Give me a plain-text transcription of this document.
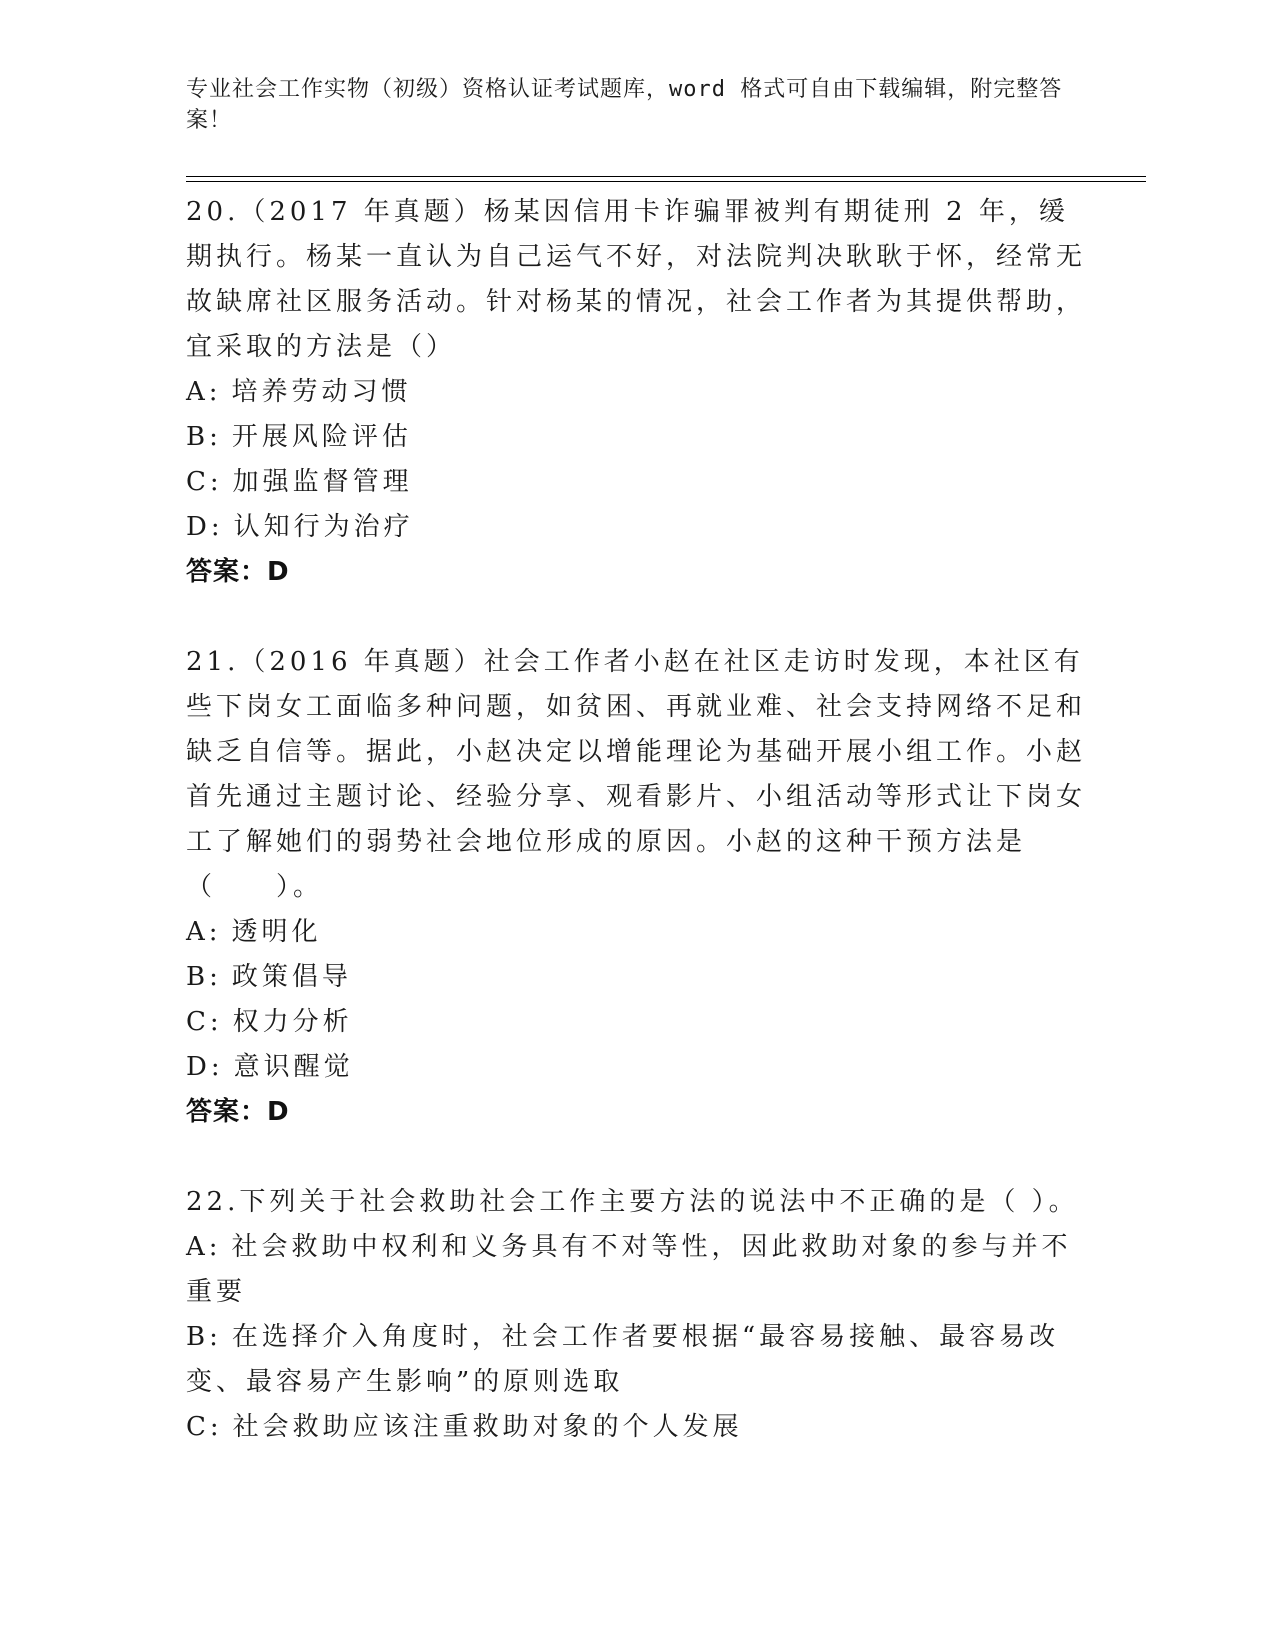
专业社会工作实物（初级）资格认证考试题库，word 格式可自由下载编辑，附完整答案！
20.（2017 年真题）杨某因信用卡诈骗罪被判有期徒刑 2 年，缓期执行。杨某一直认为自己运气不好，对法院判决耿耿于怀，经常无故缺席社区服务活动。针对杨某的情况，社会工作者为其提供帮助，宜采取的方法是（）
A: 培养劳动习惯
B: 开展风险评估
C: 加强监督管理
D: 认知行为治疗
答案：D
21.（2016 年真题）社会工作者小赵在社区走访时发现，本社区有些下岗女工面临多种问题，如贫困、再就业难、社会支持网络不足和缺乏自信等。据此，小赵决定以增能理论为基础开展小组工作。小赵首先通过主题讨论、经验分享、观看影片、小组活动等形式让下岗女工了解她们的弱势社会地位形成的原因。小赵的这种干预方法是（　　）。
A: 透明化
B: 政策倡导
C: 权力分析
D: 意识醒觉
答案：D
22.下列关于社会救助社会工作主要方法的说法中不正确的是（ ）。
A: 社会救助中权利和义务具有不对等性，因此救助对象的参与并不重要
B: 在选择介入角度时，社会工作者要根据“最容易接触、最容易改变、最容易产生影响”的原则选取
C: 社会救助应该注重救助对象的个人发展
